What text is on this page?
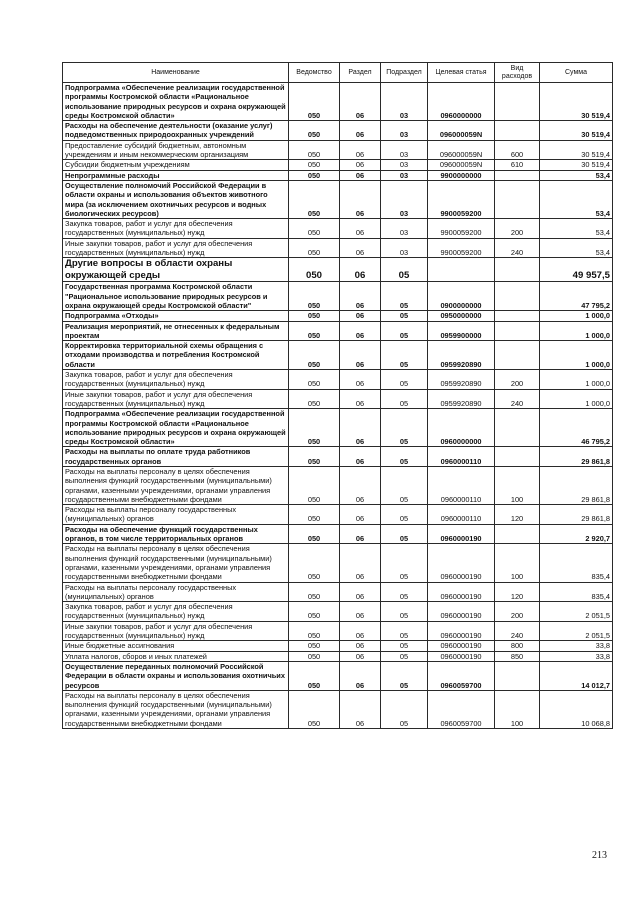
Наименование	Ведомство	Раздел	Подраздел	Целевая статья	Вид расходов	Сумма
Подпрограмма «Обеспечение реализации государственной программы Костромской области «Рациональное использование природных ресурсов и охрана окружающей среды Костромской области»	050	06	03	0960000000		30 519,4
Расходы на обеспечение деятельности (оказание услуг) подведомственных природоохранных учреждений	050	06	03	096000059N		30 519,4
Предоставление субсидий бюджетным, автономным учреждениям и иным некоммерческим организациям	050	06	03	096000059N	600	30 519,4
Субсидии бюджетным учреждениям	050	06	03	096000059N	610	30 519,4
Непрограммные расходы	050	06	03	9900000000		53,4
Осуществление полномочий Российской Федерации в области охраны и использования объектов животного мира (за исключением охотничьих ресурсов и водных биологических ресурсов)	050	06	03	9900059200		53,4
Закупка товаров, работ и услуг для обеспечения государственных (муниципальных) нужд	050	06	03	9900059200	200	53,4
Иные закупки товаров, работ и услуг для обеспечения государственных (муниципальных) нужд	050	06	03	9900059200	240	53,4
Другие вопросы в области охраны окружающей среды	050	06	05			49 957,5
Государственная программа Костромской области "Рациональное использование природных ресурсов и охрана окружающей среды Костромской области"	050	06	05	0900000000		47 795,2
Подпрограмма «Отходы»	050	06	05	0950000000		1 000,0
Реализация мероприятий, не отнесенных к федеральным проектам	050	06	05	0959900000		1 000,0
Корректировка территориальной схемы обращения с отходами производства и потребления Костромской области	050	06	05	0959920890		1 000,0
Закупка товаров, работ и услуг для обеспечения государственных (муниципальных) нужд	050	06	05	0959920890	200	1 000,0
Иные закупки товаров, работ и услуг для обеспечения государственных (муниципальных) нужд	050	06	05	0959920890	240	1 000,0
Подпрограмма «Обеспечение реализации государственной программы Костромской области «Рациональное использование природных ресурсов и охрана окружающей среды Костромской области»	050	06	05	0960000000		46 795,2
Расходы на выплаты по оплате труда работников государственных органов	050	06	05	0960000110		29 861,8
Расходы на выплаты персоналу в целях обеспечения выполнения функций государственными (муниципальными) органами, казенными учреждениями, органами управления государственными внебюджетными фондами	050	06	05	0960000110	100	29 861,8
Расходы на выплаты персоналу государственных (муниципальных) органов	050	06	05	0960000110	120	29 861,8
Расходы на обеспечение функций государственных органов, в том числе территориальных органов	050	06	05	0960000190		2 920,7
Расходы на выплаты персоналу в целях обеспечения выполнения функций государственными (муниципальными) органами, казенными учреждениями, органами управления государственными внебюджетными фондами	050	06	05	0960000190	100	835,4
Расходы на выплаты персоналу государственных (муниципальных) органов	050	06	05	0960000190	120	835,4
Закупка товаров, работ и услуг для обеспечения государственных (муниципальных) нужд	050	06	05	0960000190	200	2 051,5
Иные закупки товаров, работ и услуг для обеспечения государственных (муниципальных) нужд	050	06	05	0960000190	240	2 051,5
Иные бюджетные ассигнования	050	06	05	0960000190	800	33,8
Уплата налогов, сборов и иных платежей	050	06	05	0960000190	850	33,8
Осуществление переданных полномочий Российской Федерации в области охраны и использования охотничьих ресурсов	050	06	05	0960059700		14 012,7
Расходы на выплаты персоналу в целях обеспечения выполнения функций государственными (муниципальными) органами, казенными учреждениями, органами управления государственными внебюджетными фондами	050	06	05	0960059700	100	10 068,8
213
